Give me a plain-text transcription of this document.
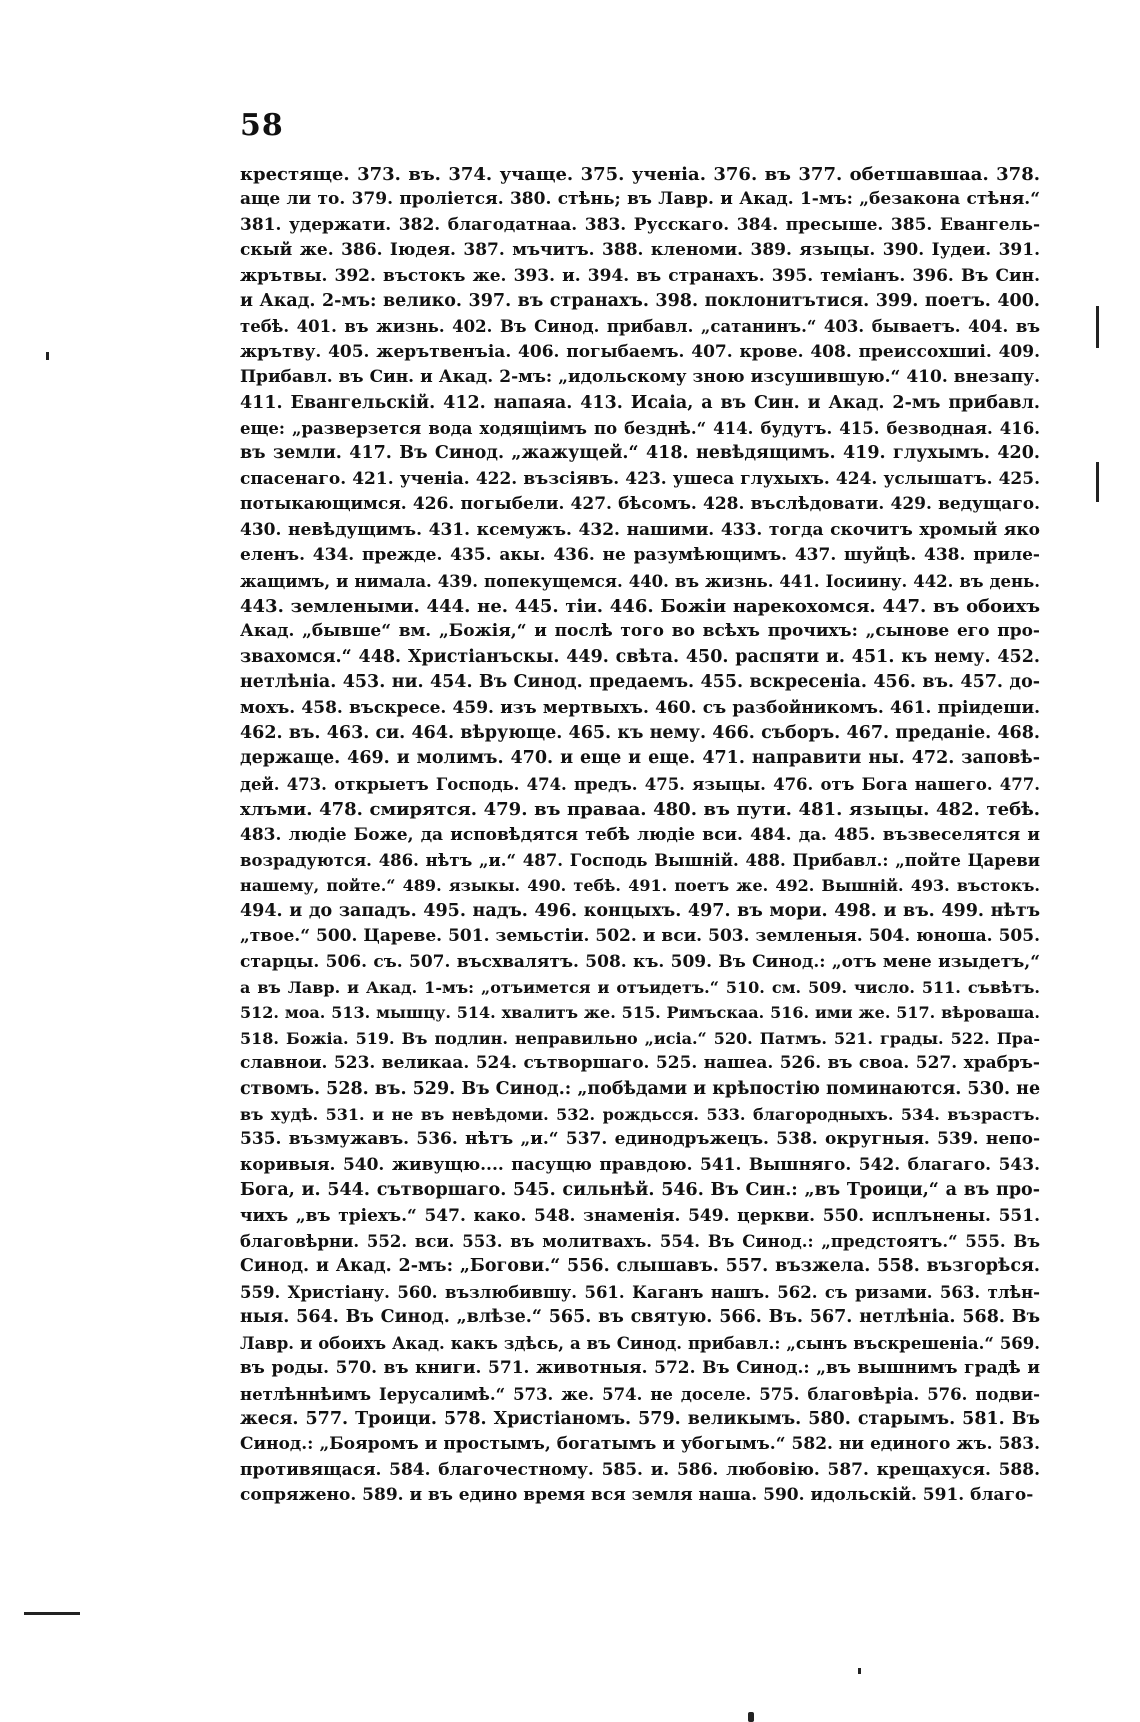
58
крестяще. 373. въ. 374. учаще. 375. ученіа. 376. въ 377. обетшавшаа. 378.
аще ли то. 379. проліется. 380. стѣнь; въ Лавр. и Акад. 1-мъ: „безакона стѣня.“
381. удержати. 382. благодатнаа. 383. Русскаго. 384. пресыше. 385. Евангель-
скый же. 386. Іюдея. 387. мъчитъ. 388. кленоми. 389. языцы. 390. Іудеи. 391.
жрътвы. 392. въстокъ же. 393. и. 394. въ странахъ. 395. теміанъ. 396. Въ Син.
и Акад. 2-мъ: велико. 397. въ странахъ. 398. поклонитътися. 399. поетъ. 400.
тебѣ. 401. въ жизнь. 402. Въ Синод. прибавл. „сатанинъ.“ 403. бываетъ. 404. въ
жрътву. 405. жерътвенъіа. 406. погыбаемъ. 407. крове. 408. преиссохшиі. 409.
Прибавл. въ Син. и Акад. 2-мъ: „идольскому зною изсушившую.“ 410. внезапу.
411. Евангельскій. 412. напаяа. 413. Исаіа, а въ Син. и Акад. 2-мъ прибавл.
еще: „разверзется вода ходящіимъ по безднѣ.“ 414. будутъ. 415. безводная. 416.
въ земли. 417. Въ Синод. „жажущей.“ 418. невѣдящимъ. 419. глухымъ. 420.
спасенаго. 421. ученіа. 422. възсіявъ. 423. ушеса глухыхъ. 424. услышатъ. 425.
потыкающимся. 426. погыбели. 427. бѣсомъ. 428. въслѣдовати. 429. ведущаго.
430. невѣдущимъ. 431. ксемужъ. 432. нашими. 433. тогда скочитъ хромый яко
еленъ. 434. прежде. 435. акы. 436. не разумѣющимъ. 437. шуйцѣ. 438. приле-
жащимъ, и нимала. 439. попекущемся. 440. въ жизнь. 441. Іосиину. 442. въ день.
443. землеными. 444. не. 445. тіи. 446. Божіи нарекохомся. 447. въ обоихъ
Акад. „бывше“ вм. „Божія,“ и послѣ того во всѣхъ прочихъ: „сынове его про-
звахомся.“ 448. Христіанъскы. 449. свѣта. 450. распяти и. 451. къ нему. 452.
нетлѣніа. 453. ни. 454. Въ Синод. предаемъ. 455. вскресеніа. 456. въ. 457. до-
мохъ. 458. въскресе. 459. изъ мертвыхъ. 460. съ разбойникомъ. 461. пріидеши.
462. въ. 463. си. 464. вѣрующе. 465. къ нему. 466. съборъ. 467. преданіе. 468.
держаще. 469. и молимъ. 470. и еще и еще. 471. направити ны. 472. заповѣ-
дей. 473. открыетъ Господь. 474. предъ. 475. языцы. 476. отъ Бога нашего. 477.
хлъми. 478. смирятся. 479. въ праваа. 480. въ пути. 481. языцы. 482. тебѣ.
483. людіе Боже, да исповѣдятся тебѣ людіе вси. 484. да. 485. възвеселятся и
возрадуются. 486. нѣтъ „и.“ 487. Господь Вышній. 488. Прибавл.: „пойте Цареви
нашему, пойте.“ 489. языкы. 490. тебѣ. 491. поетъ же. 492. Вышній. 493. въстокъ.
494. и до западъ. 495. надъ. 496. концыхъ. 497. въ мори. 498. и въ. 499. нѣтъ
„твое.“ 500. Цареве. 501. земьстіи. 502. и вси. 503. земленыя. 504. юноша. 505.
старцы. 506. съ. 507. въсхвалятъ. 508. къ. 509. Въ Синод.: „отъ мене изыдетъ,“
а въ Лавр. и Акад. 1-мъ: „отъимется и отъидетъ.“ 510. см. 509. число. 511. съвѣтъ.
512. моа. 513. мышцу. 514. хвалитъ же. 515. Римъскаа. 516. ими же. 517. вѣроваша.
518. Божіа. 519. Въ подлин. неправильно „исіа.“ 520. Патмъ. 521. грады. 522. Пра-
славнои. 523. великаа. 524. сътворшаго. 525. нашеа. 526. въ своа. 527. храбръ-
ствомъ. 528. въ. 529. Въ Синод.: „побѣдами и крѣпостію поминаются. 530. не
въ худѣ. 531. и не въ невѣдоми. 532. рождьсся. 533. благородныхъ. 534. възрастъ.
535. възмужавъ. 536. нѣтъ „и.“ 537. единодръжецъ. 538. округныя. 539. непо-
коривыя. 540. живущю.... пасущю правдою. 541. Вышняго. 542. благаго. 543.
Бога, и. 544. сътворшаго. 545. сильнѣй. 546. Въ Син.: „въ Троици,“ а въ про-
чихъ „въ тріехъ.“ 547. како. 548. знаменія. 549. церкви. 550. исплънены. 551.
благовѣрни. 552. вси. 553. въ молитвахъ. 554. Въ Синод.: „предстоятъ.“ 555. Въ
Синод. и Акад. 2-мъ: „Богови.“ 556. слышавъ. 557. възжела. 558. възгорѣся.
559. Христіану. 560. възлюбившу. 561. Каганъ нашъ. 562. съ ризами. 563. тлѣн-
ныя. 564. Въ Синод. „влѣзе.“ 565. въ святую. 566. Въ. 567. нетлѣніа. 568. Въ
Лавр. и обоихъ Акад. какъ здѣсь, а въ Синод. прибавл.: „сынъ въскрешеніа.“ 569.
въ роды. 570. въ книги. 571. животныя. 572. Въ Синод.: „въ вышнимъ градѣ и
нетлѣннѣимъ Іерусалимѣ.“ 573. же. 574. не доселе. 575. благовѣріа. 576. подви-
жеся. 577. Троици. 578. Христіаномъ. 579. великымъ. 580. старымъ. 581. Въ
Синод.: „Бояромъ и простымъ, богатымъ и убогымъ.“ 582. ни единого жъ. 583.
противящася. 584. благочестному. 585. и. 586. любовію. 587. крещахуся. 588.
сопряжено. 589. и въ едино время вся земля наша. 590. идольскій. 591. благо-
